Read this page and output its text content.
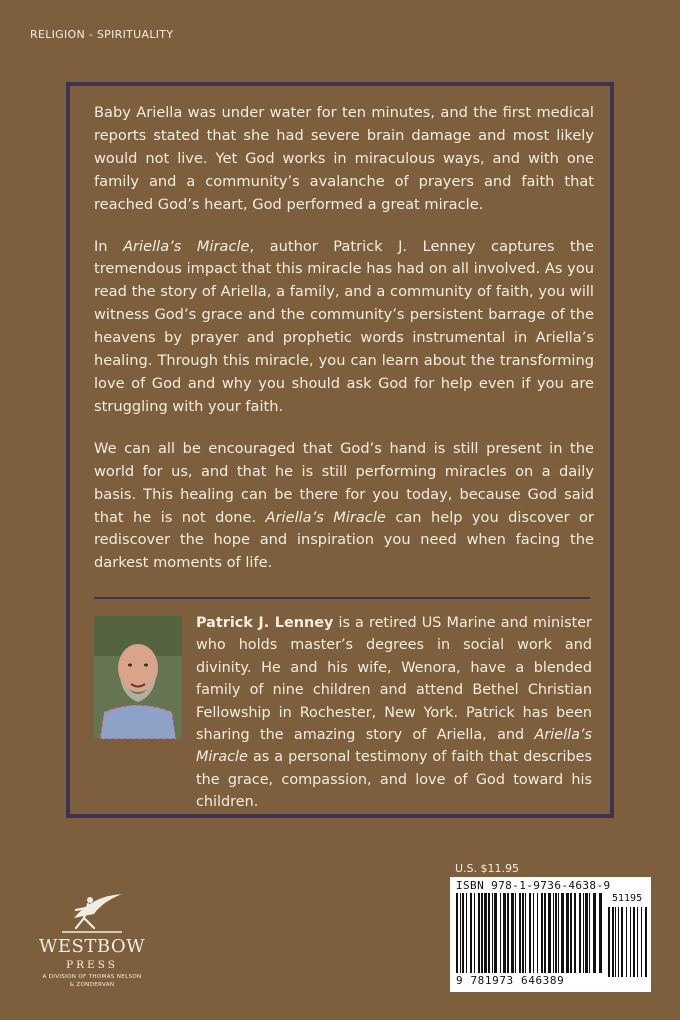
RELIGION - SPIRITUALITY

Baby Ariella was under water for ten minutes, and the first medical reports stated that she had severe brain damage and most likely would not live. Yet God works in miraculous ways, and with one family and a community’s avalanche of prayers and faith that reached God’s heart, God performed a great miracle.

In Ariella’s Miracle, author Patrick J. Lenney captures the tremendous impact that this miracle has had on all involved. As you read the story of Ariella, a family, and a community of faith, you will witness God’s grace and the community’s persistent barrage of the heavens by prayer and prophetic words instrumental in Ariella’s healing. Through this miracle, you can learn about the transforming love of God and why you should ask God for help even if you are struggling with your faith.

We can all be encouraged that God’s hand is still present in the world for us, and that he is still performing miracles on a daily basis. This healing can be there for you today, because God said that he is not done. Ariella’s Miracle can help you discover or rediscover the hope and inspiration you need when facing the darkest moments of life.

Patrick J. Lenney is a retired US Marine and minister who holds master’s degrees in social work and divinity. He and his wife, Wenora, have a blended family of nine children and attend Bethel Christian Fellowship in Rochester, New York. Patrick has been sharing the amazing story of Ariella, and Ariella’s Miracle as a personal testimony of faith that describes the grace, compassion, and love of God toward his children.
U.S. $11.95
ISBN 978-1-9736-4638-9
9 781973 646389
51195
WESTBOW
PRESS
A DIVISION OF THOMAS NELSON
& ZONDERVAN
